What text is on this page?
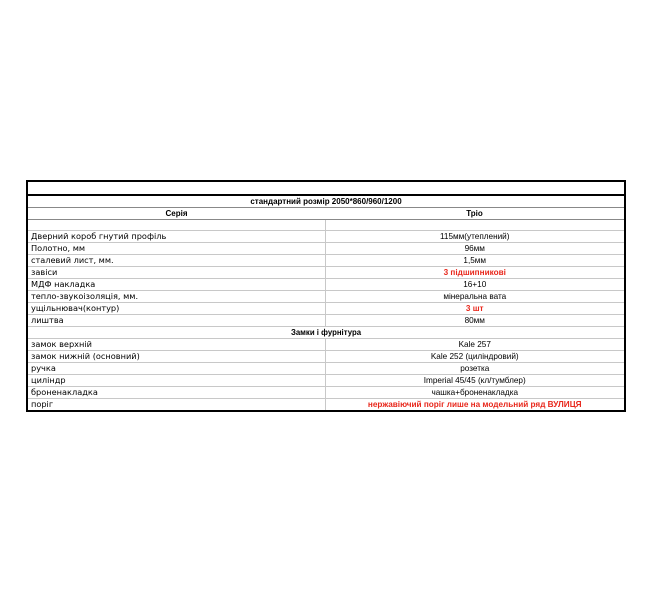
стандартний розмір 2050*860/960/1200	
Серія	Тріо

Дверний короб гнутий профіль	115мм(утеплений)
Полотно, мм	96мм
сталевий лист, мм.	1,5мм
завіси	3 підшипникові
МДФ накладка	16+10
тепло-звукоізоляція, мм.	мінеральна вата
ущільнювач(контур)	3 шт
лиштва	80мм
Замки і фурнітура	
замок верхній	Kale 257
замок нижній (основний)	Kale 252 (циліндровий)
ручка	розетка
циліндр	Imperial 45/45 (кл/тумблер)
броненакладка	чашка+броненакладка
поріг	нержавіючий поріг лише на модельний ряд ВУЛИЦЯ
